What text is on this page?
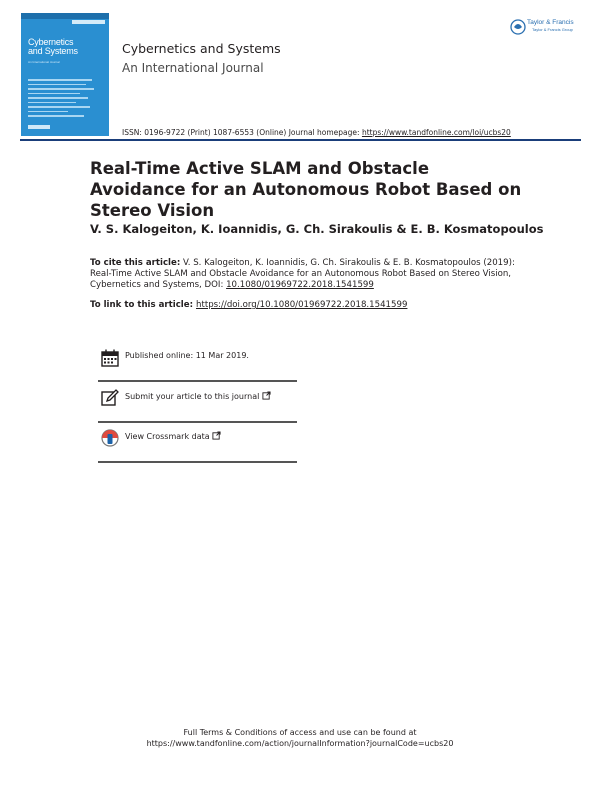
Cybernetics
and Systems
An International Journal
Cybernetics and Systems
An International Journal
ISSN: 0196-9722 (Print) 1087-6553 (Online) Journal homepage: https://www.tandfonline.com/loi/ucbs20
Taylor & Francis
Taylor & Francis Group
Real-Time Active SLAM and Obstacle Avoidance for an Autonomous Robot Based on Stereo Vision
V. S. Kalogeiton, K. Ioannidis, G. Ch. Sirakoulis & E. B. Kosmatopoulos
To cite this article: V. S. Kalogeiton, K. Ioannidis, G. Ch. Sirakoulis & E. B. Kosmatopoulos (2019): Real-Time Active SLAM and Obstacle Avoidance for an Autonomous Robot Based on Stereo Vision, Cybernetics and Systems, DOI: 10.1080/01969722.2018.1541599
To link to this article: https://doi.org/10.1080/01969722.2018.1541599
Published online: 11 Mar 2019.
Submit your article to this journal
View Crossmark data
Full Terms & Conditions of access and use can be found at
https://www.tandfonline.com/action/journalInformation?journalCode=ucbs20
